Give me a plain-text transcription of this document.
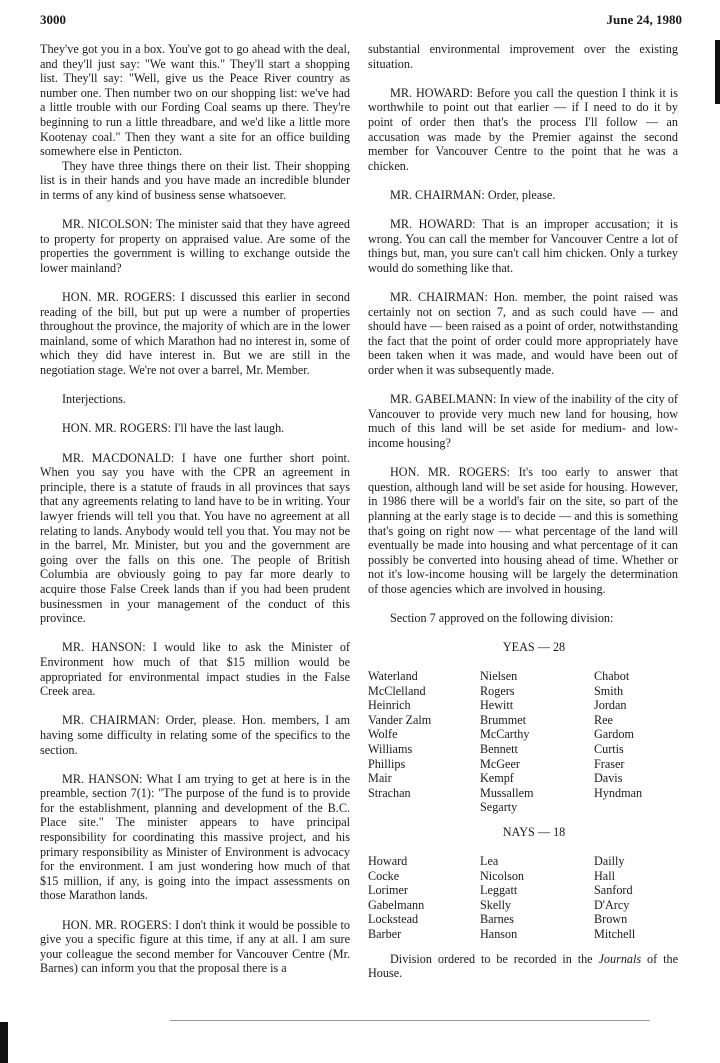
3000	June 24, 1980

They've got you in a box. You've got to go ahead with the deal, and they'll just say: "We want this." They'll start a shopping list. They'll say: "Well, give us the Peace River country as number one. Then number two on our shopping list: we've had a little trouble with our Fording Coal seams up there. They're beginning to run a little threadbare, and we'd like a little more Kootenay coal." Then they want a site for an office building somewhere else in Penticton.

They have three things there on their list. Their shopping list is in their hands and you have made an incredible blunder in terms of any kind of business sense whatsoever.

MR. NICOLSON: The minister said that they have agreed to property for property on appraised value. Are some of the properties the government is willing to exchange outside the lower mainland?

HON. MR. ROGERS: I discussed this earlier in second reading of the bill, but put up were a number of properties throughout the province, the majority of which are in the lower mainland, some of which Marathon had no interest in, some of which they did have interest in. But we are still in the negotiation stage. We're not over a barrel, Mr. Member.

Interjections.

HON. MR. ROGERS: I'll have the last laugh.

MR. MACDONALD: I have one further short point. When you say you have with the CPR an agreement in principle, there is a statute of frauds in all provinces that says that any agreements relating to land have to be in writing. Your lawyer friends will tell you that. You have no agreement at all relating to lands. Anybody would tell you that. You may not be in the barrel, Mr. Minister, but you and the government are going over the falls on this one. The people of British Columbia are obviously going to pay far more dearly to acquire those False Creek lands than if you had been prudent businessmen in your management of the conduct of this province.

MR. HANSON: I would like to ask the Minister of Environment how much of that $15 million would be appropriated for environmental impact studies in the False Creek area.

MR. CHAIRMAN: Order, please. Hon. members, I am having some difficulty in relating some of the specifics to the section.

MR. HANSON: What I am trying to get at here is in the preamble, section 7(1): "The purpose of the fund is to provide for the establishment, planning and development of the B.C. Place site." The minister appears to have principal responsibility for coordinating this massive project, and his primary responsibility as Minister of Environment is advocacy for the environment. I am just wondering how much of that $15 million, if any, is going into the impact assessments on those Marathon lands.

HON. MR. ROGERS: I don't think it would be possible to give you a specific figure at this time, if any at all. I am sure your colleague the second member for Vancouver Centre (Mr. Barnes) can inform you that the proposal there is a

substantial environmental improvement over the existing situation.

MR. HOWARD: Before you call the question I think it is worthwhile to point out that earlier — if I need to do it by point of order then that's the process I'll follow — an accusation was made by the Premier against the second member for Vancouver Centre to the point that he was a chicken.

MR. CHAIRMAN: Order, please.

MR. HOWARD: That is an improper accusation; it is wrong. You can call the member for Vancouver Centre a lot of things but, man, you sure can't call him chicken. Only a turkey would do something like that.

MR. CHAIRMAN: Hon. member, the point raised was certainly not on section 7, and as such could have — and should have — been raised as a point of order, notwithstanding the fact that the point of order could more appropriately have been taken when it was made, and would have been out of order when it was subsequently made.

MR. GABELMANN: In view of the inability of the city of Vancouver to provide very much new land for housing, how much of this land will be set aside for medium- and low-income housing?

HON. MR. ROGERS: It's too early to answer that question, although land will be set aside for housing. However, in 1986 there will be a world's fair on the site, so part of the planning at the early stage is to decide — and this is something that's going on right now — what percentage of the land will eventually be made into housing and what percentage of it can possibly be converted into housing ahead of time. Whether or not it's low-income housing will be largely the determination of those agencies which are involved in housing.

Section 7 approved on the following division:

YEAS — 28

Waterland
McClelland
Heinrich
Vander Zalm
Wolfe
Williams
Phillips
Mair
Strachan
Nielsen
Rogers
Hewitt
Brummet
McCarthy
Bennett
McGeer
Kempf
Mussallem
Segarty
Chabot
Smith
Jordan
Ree
Gardom
Curtis
Fraser
Davis
Hyndman

NAYS — 18

Howard
Cocke
Lorimer
Gabelmann
Lockstead
Barber
Lea
Nicolson
Leggatt
Skelly
Barnes
Hanson
Dailly
Hall
Sanford
D'Arcy
Brown
Mitchell

Division ordered to be recorded in the Journals of the House.
